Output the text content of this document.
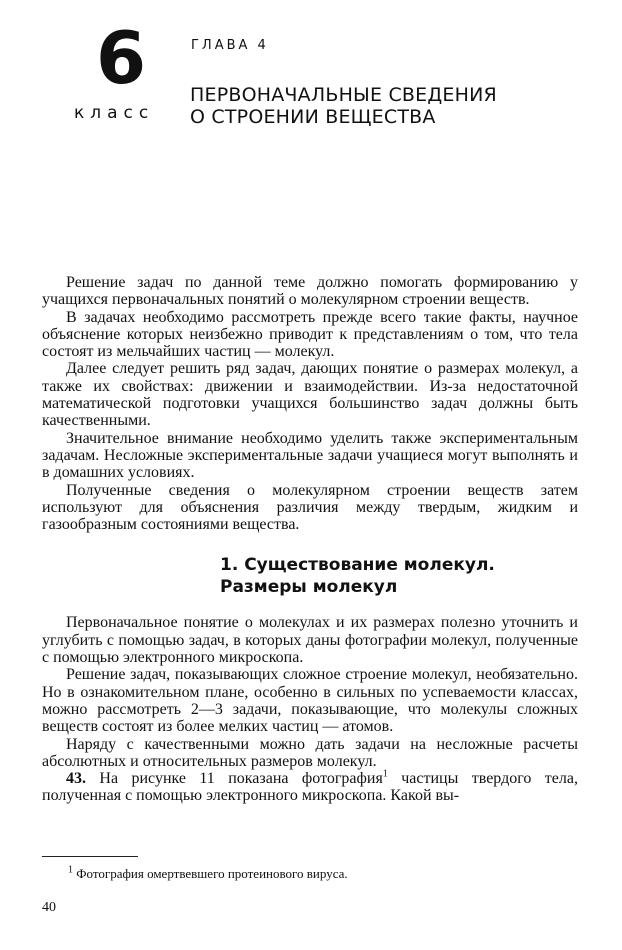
6
класс
ГЛАВА 4
ПЕРВОНАЧАЛЬНЫЕ СВЕДЕНИЯ
О СТРОЕНИИ ВЕЩЕСТВА

Решение задач по данной теме должно помогать формированию у учащихся первоначальных понятий о молекулярном строении веществ.

В задачах необходимо рассмотреть прежде всего такие факты, научное объяснение которых неизбежно приводит к представлениям о том, что тела состоят из мельчайших частиц — молекул.

Далее следует решить ряд задач, дающих понятие о размерах молекул, а также их свойствах: движении и взаимодействии. Из-за недостаточной математической подготовки учащихся большинство задач должны быть качественными.

Значительное внимание необходимо уделить также экспериментальным задачам. Несложные экспериментальные задачи учащиеся могут выполнять и в домашних условиях.

Полученные сведения о молекулярном строении веществ затем используют для объяснения различия между твердым, жидким и газообразным состояниями вещества.

1. Существование молекул.
Размеры молекул

Первоначальное понятие о молекулах и их размерах полезно уточнить и углубить с помощью задач, в которых даны фотографии молекул, полученные с помощью электронного микроскопа.

Решение задач, показывающих сложное строение молекул, необязательно. Но в ознакомительном плане, особенно в сильных по успеваемости классах, можно рассмотреть 2—3 задачи, показывающие, что молекулы сложных веществ состоят из более мелких частиц — атомов.

Наряду с качественными можно дать задачи на несложные расчеты абсолютных и относительных размеров молекул.

43. На рисунке 11 показана фотография$^1$ частицы твердого тела, полученная с помощью электронного микроскопа. Какой вы-

$^1$ Фотография омертвевшего протеинового вируса.
40
